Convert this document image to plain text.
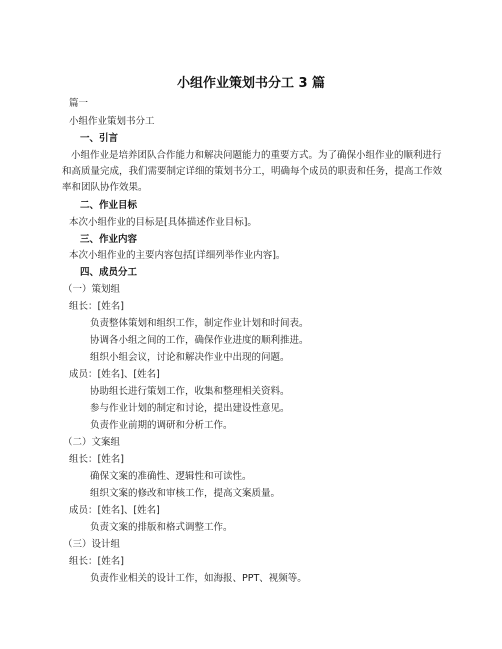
小组作业策划书分工 3 篇
篇一
小组作业策划书分工
一、引言
小组作业是培养团队合作能力和解决问题能力的重要方式。为了确保小组作业的顺利进行和高质量完成，我们需要制定详细的策划书分工，明确每个成员的职责和任务，提高工作效率和团队协作效果。
二、作业目标
本次小组作业的目标是[具体描述作业目标]。
三、作业内容
本次小组作业的主要内容包括[详细列举作业内容]。
四、成员分工
（一）策划组
组长：[姓名]
负责整体策划和组织工作，制定作业计划和时间表。
协调各小组之间的工作，确保作业进度的顺利推进。
组织小组会议，讨论和解决作业中出现的问题。
成员：[姓名]、[姓名]
协助组长进行策划工作，收集和整理相关资料。
参与作业计划的制定和讨论，提出建设性意见。
负责作业前期的调研和分析工作。
（二）文案组
组长：[姓名]
确保文案的准确性、逻辑性和可读性。
组织文案的修改和审核工作，提高文案质量。
成员：[姓名]、[姓名]
负责文案的排版和格式调整工作。
（三）设计组
组长：[姓名]
负责作业相关的设计工作，如海报、PPT、视频等。
